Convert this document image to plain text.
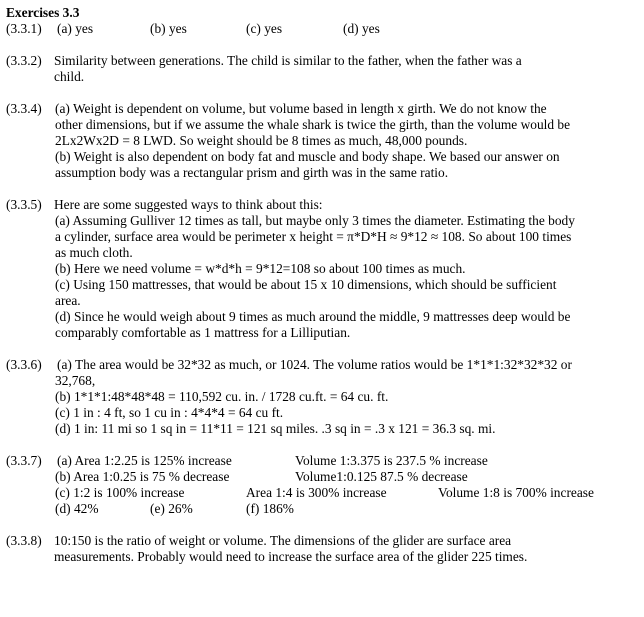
Exercises 3.3
(3.3.1) (a) yes	(b) yes	(c) yes	(d) yes
(3.3.2) Similarity between generations. The child is similar to the father, when the father was a
child.
(3.3.4) (a) Weight is dependent on volume, but volume based in length x girth. We do not know the
other dimensions, but if we assume the whale shark is twice the girth, than the volume would be
2Lx2Wx2D = 8 LWD. So weight should be 8 times as much, 48,000 pounds.
(b) Weight is also dependent on body fat and muscle and body shape. We based our answer on
assumption body was a rectangular prism and girth was in the same ratio.
(3.3.5) Here are some suggested ways to think about this:
(a) Assuming Gulliver 12 times as tall, but maybe only 3 times the diameter. Estimating the body
a cylinder, surface area would be perimeter x height = π*D*H ≈ 9*12 ≈ 108. So about 100 times
as much cloth.
(b) Here we need volume = w*d*h = 9*12=108 so about 100 times as much.
(c) Using 150 mattresses, that would be about 15 x 10 dimensions, which should be sufficient
area.
(d) Since he would weigh about 9 times as much around the middle, 9 mattresses deep would be
comparably comfortable as 1 mattress for a Lilliputian.
(3.3.6)	(a) The area would be 32*32 as much, or 1024. The volume ratios would be 1*1*1:32*32*32 or
32,768,
(b) 1*1*1:48*48*48 = 110,592 cu. in. / 1728 cu.ft. = 64 cu. ft.
(c) 1 in : 4 ft, so 1 cu in : 4*4*4 = 64 cu ft.
(d) 1 in: 11 mi so 1 sq in = 11*11 = 121 sq miles. .3 sq in = .3 x 121 = 36.3 sq. mi.
(3.3.7) (a) Area 1:2.25 is 125% increase	Volume 1:3.375 is 237.5 % increase
(b) Area 1:0.25 is 75 % decrease	Volume1:0.125 87.5 % decrease
(c) 1:2 is 100% increase	Area 1:4 is 300% increase	Volume 1:8 is 700% increase
(d) 42%	(e) 26%	(f) 186%
(3.3.8) 10:150 is the ratio of weight or volume. The dimensions of the glider are surface area
measurements. Probably would need to increase the surface area of the glider 225 times.
